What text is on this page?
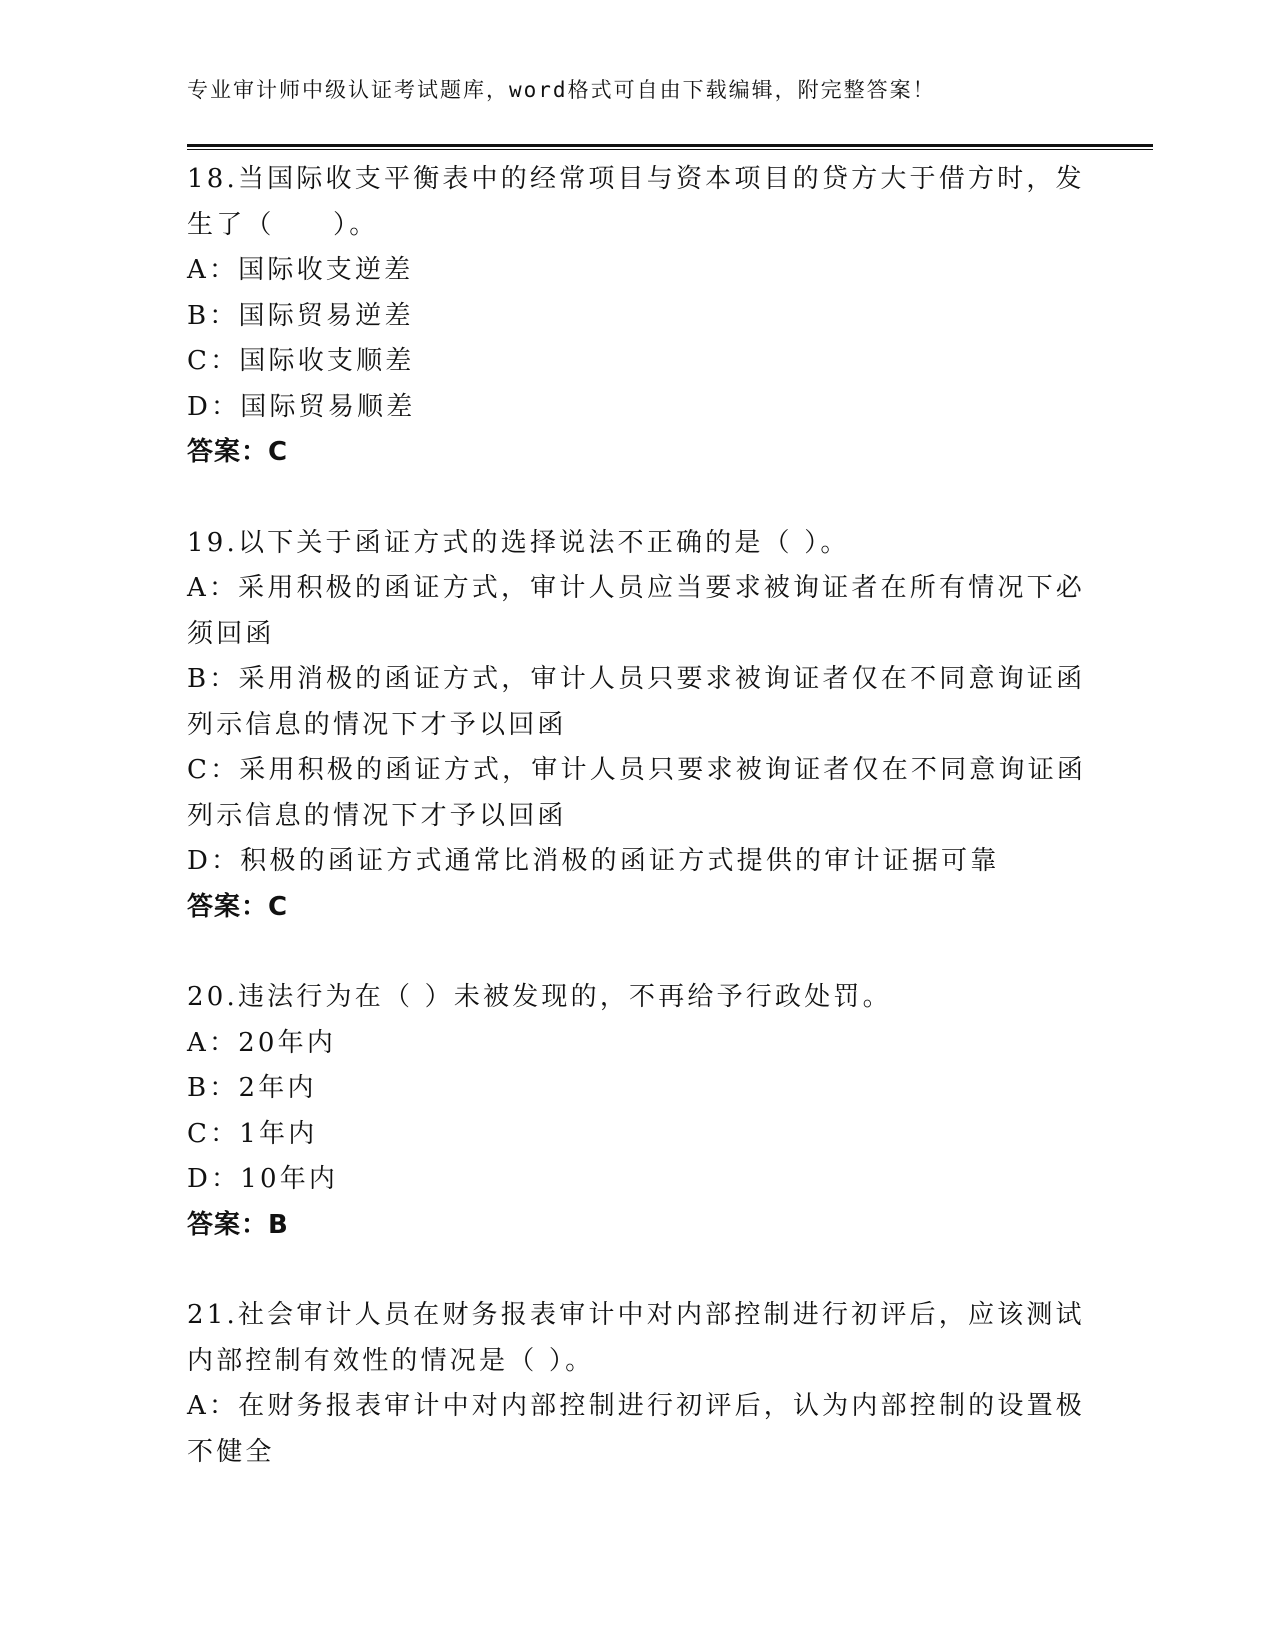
专业审计师中级认证考试题库，word格式可自由下载编辑，附完整答案！
18.当国际收支平衡表中的经常项目与资本项目的贷方大于借方时，发
生了（　　）。
A：国际收支逆差
B：国际贸易逆差
C：国际收支顺差
D：国际贸易顺差
答案：C
19.以下关于函证方式的选择说法不正确的是（ ）。
A：采用积极的函证方式，审计人员应当要求被询证者在所有情况下必
须回函
B：采用消极的函证方式，审计人员只要求被询证者仅在不同意询证函
列示信息的情况下才予以回函
C：采用积极的函证方式，审计人员只要求被询证者仅在不同意询证函
列示信息的情况下才予以回函
D：积极的函证方式通常比消极的函证方式提供的审计证据可靠
答案：C
20.违法行为在（ ）未被发现的，不再给予行政处罚。
A：20年内
B：2年内
C：1年内
D：10年内
答案：B
21.社会审计人员在财务报表审计中对内部控制进行初评后，应该测试
内部控制有效性的情况是（ ）。
A：在财务报表审计中对内部控制进行初评后，认为内部控制的设置极
不健全
